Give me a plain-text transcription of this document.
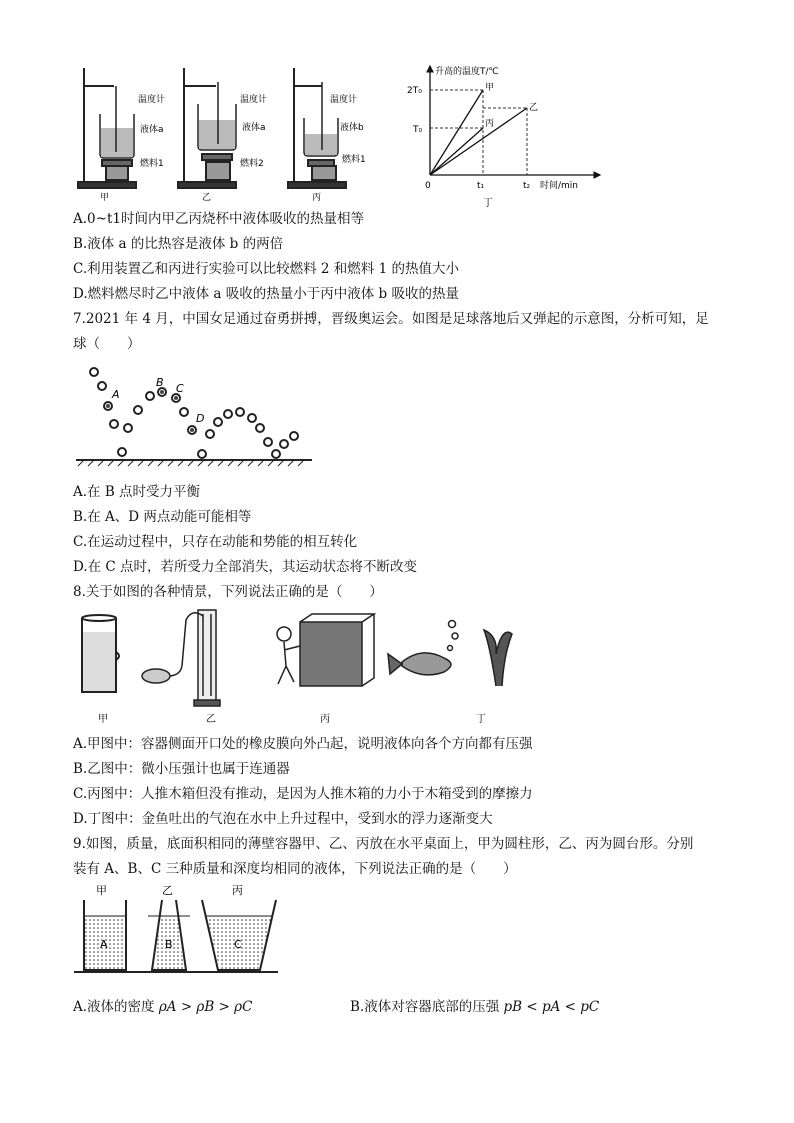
温度计
液体a
燃料1
温度计
液体a
燃料2
温度计
液体b
燃料1
甲	乙	丙
升高的温度T/℃
时间/min
2T₀
T₀
0	t₁	t₂
甲
乙
丙
丁
A.0~t1时间内甲乙丙烧杯中液体吸收的热量相等
B.液体 a 的比热容是液体 b 的两倍
C.利用装置乙和丙进行实验可以比较燃料 2 和燃料 1 的热值大小
D.燃料燃尽时乙中液体 a 吸收的热量小于丙中液体 b 吸收的热量
7.2021 年 4 月，中国女足通过奋勇拼搏，晋级奥运会。如图是足球落地后又弹起的示意图，分析可知，足
球（　　）
A
B C
D
A.在 B 点时受力平衡
B.在 A、D 两点动能可能相等
C.在运动过程中，只存在动能和势能的相互转化
D.在 C 点时，若所受力全部消失，其运动状态将不断改变
8.关于如图的各种情景，下列说法正确的是（　　）
甲	乙	丙	丁
A.甲图中：容器侧面开口处的橡皮膜向外凸起，说明液体向各个方向都有压强
B.乙图中：微小压强计也属于连通器
C.丙图中：人推木箱但没有推动，是因为人推木箱的力小于木箱受到的摩擦力
D.丁图中：金鱼吐出的气泡在水中上升过程中，受到水的浮力逐渐变大
9.如图，质量，底面积相同的薄壁容器甲、乙、丙放在水平桌面上，甲为圆柱形，乙、丙为圆台形。分别
装有 A、B、C 三种质量和深度均相同的液体，下列说法正确的是（　　）
甲	乙	丙
A	B	C
A.液体的密度 ρA > ρB > ρC	B.液体对容器底部的压强 pB < pA < pC
